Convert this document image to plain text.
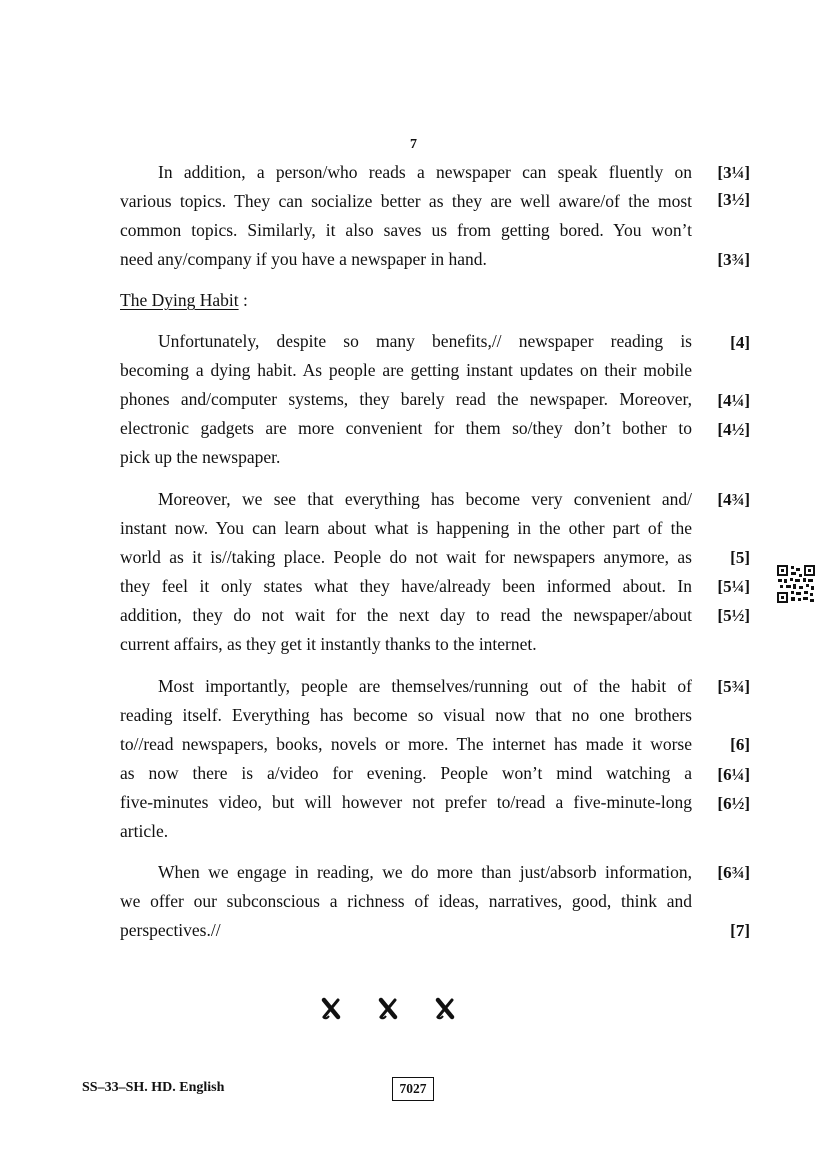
7
In addition, a person/who reads a newspaper can speak fluently on
various topics. They can socialize better as they are well aware/of the most
common topics. Similarly, it also saves us from getting bored. You won’t
need any/company if you have a newspaper in hand.
[3¼]
[3½]
[3¾]
The Dying Habit :
Unfortunately, despite so many benefits,// newspaper reading is
becoming a dying habit. As people are getting instant updates on their mobile
phones and/computer systems, they barely read the newspaper. Moreover,
electronic gadgets are more convenient for them so/they don’t bother to
pick up the newspaper.
[4]
[4¼]
[4½]
Moreover, we see that everything has become very convenient and/
instant now. You can learn about what is happening in the other part of the
world as it is//taking place. People do not wait for newspapers anymore, as
they feel it only states what they have/already been informed about. In
addition, they do not wait for the next day to read the newspaper/about
current affairs, as they get it instantly thanks to the internet.
[4¾]
[5]
[5¼]
[5½]
Most importantly, people are themselves/running out of the habit of
reading itself. Everything has become so visual now that no one brothers
to//read newspapers, books, novels or more. The internet has made it worse
as now there is a/video for evening. People won’t mind watching a
five-minutes video, but will however not prefer to/read a five-minute-long
article.
[5¾]
[6]
[6¼]
[6½]
When we engage in reading, we do more than just/absorb information,
we offer our subconscious a richness of ideas, narratives, good, think and
perspectives.//
[6¾]
[7]
SS–33–SH. HD. English	7027
